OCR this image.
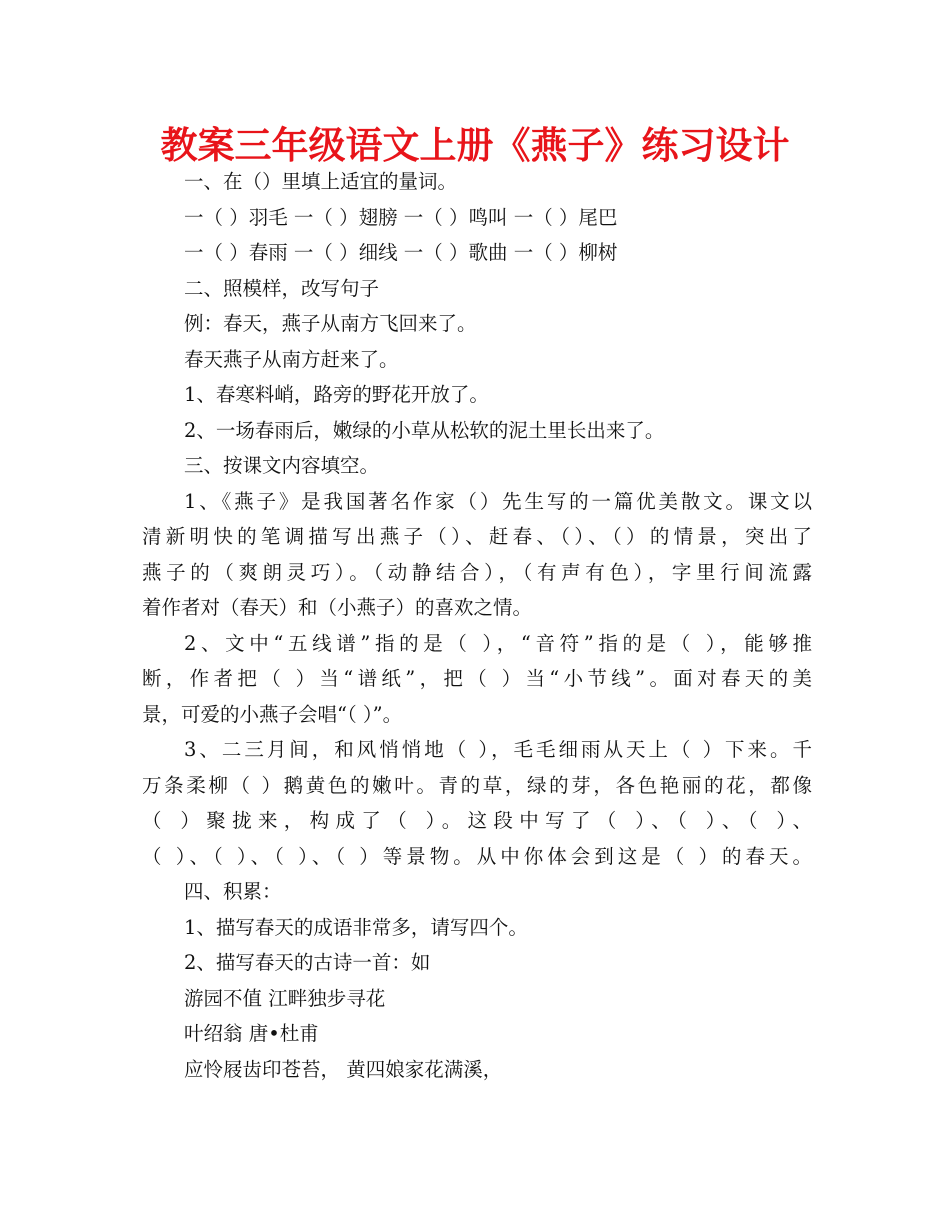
教案三年级语文上册《燕子》练习设计
一、在（）里填上适宜的量词。
一（ ）羽毛 一（ ）翅膀 一（ ）鸣叫 一（ ）尾巴
一（ ）春雨 一（ ）细线 一（ ）歌曲 一（ ）柳树
二、照模样，改写句子
例：春天，燕子从南方飞回来了。
春天燕子从南方赶来了。
1、春寒料峭，路旁的野花开放了。
2、一场春雨后，嫩绿的小草从松软的泥土里长出来了。
三、按课文内容填空。
1、《燕子》是我国著名作家（）先生写的一篇优美散文。课文以
清新明快的笔调描写出燕子（）、赶春、（）、（）的情景，突出了
燕子的（爽朗灵巧）。（动静结合），（有声有色），字里行间流露
着作者对（春天）和（小燕子）的喜欢之情。
2、文中“五线谱”指的是（ ），“音符”指的是（ ），能够推
断，作者把（ ）当“谱纸”，把（ ）当“小节线”。面对春天的美
景，可爱的小燕子会唱“（ ）”。
3、二三月间，和风悄悄地（ ），毛毛细雨从天上（ ）下来。千
万条柔柳（ ）鹅黄色的嫩叶。青的草，绿的芽，各色艳丽的花，都像
（ ）聚拢来，构成了（ ）。这段中写了（ ）、（ ）、（ ）、
（ ）、（ ）、（ ）、（ ）等景物。从中你体会到这是（ ）的春天。
四、积累：
1、描写春天的成语非常多，请写四个。
2、描写春天的古诗一首：如
游园不值 江畔独步寻花
叶绍翁 唐•杜甫
应怜屐齿印苍苔， 黄四娘家花满溪，
